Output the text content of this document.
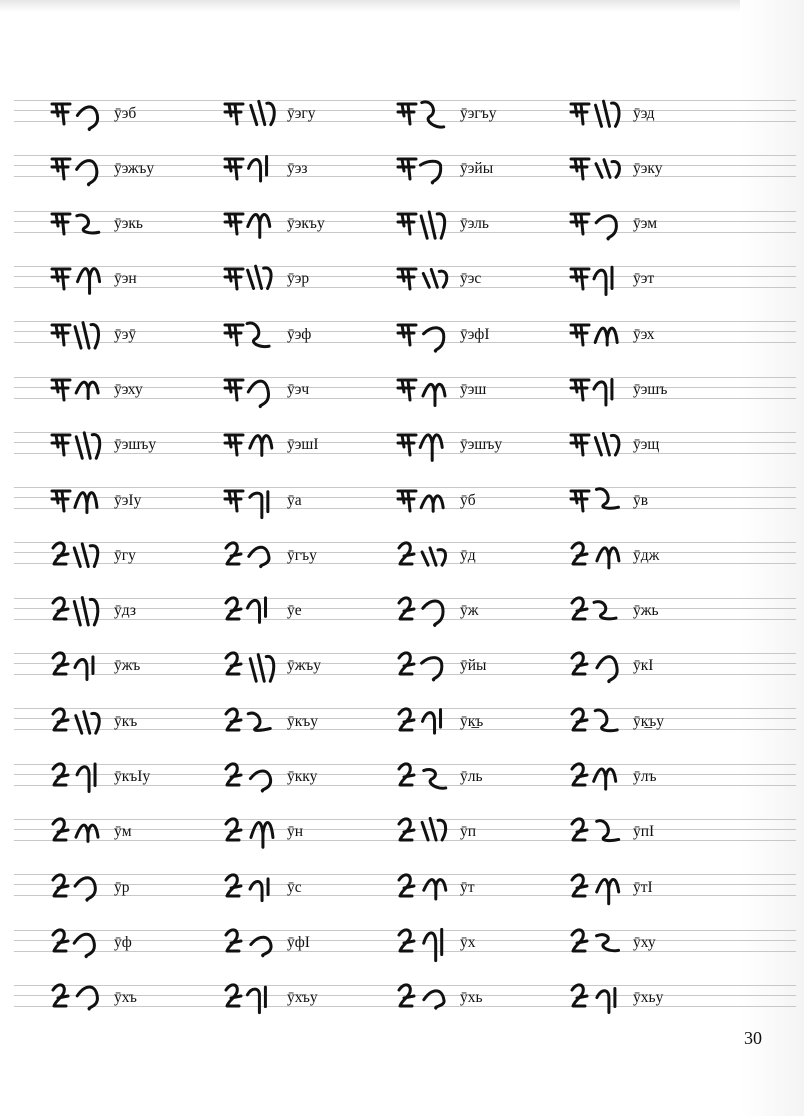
ӯэб	ӯэгу	ӯэгъу	ӯэд
ӯэжъу	ӯэз	ӯэйы	ӯэку
ӯэкь	ӯэкъу	ӯэль	ӯэм
ӯэн	ӯэр	ӯэс	ӯэт
ӯэӯ	ӯэф	ӯэфI	ӯэх
ӯэху	ӯэч	ӯэш	ӯэшъ
ӯэшъу	ӯэшI	ӯэшъу	ӯэщ
ӯэIу	ӯа	ӯб	ӯв
ӯгу	ӯгъу	ӯд	ӯдж
ӯдз	ӯе	ӯж	ӯжь
ӯжъ	ӯжъу	ӯйы	ӯкI
ӯкъ	ӯкъу	ӯк̲ъ	ӯк̲ъу
ӯкъIу	ӯкку	ӯль	ӯлъ
ӯм	ӯн	ӯп	ӯпI
ӯр	ӯс	ӯт	ӯтI
ӯф	ӯфI	ӯх	ӯху
ӯхъ	ӯхъу	ӯхь	ӯхьу
30
